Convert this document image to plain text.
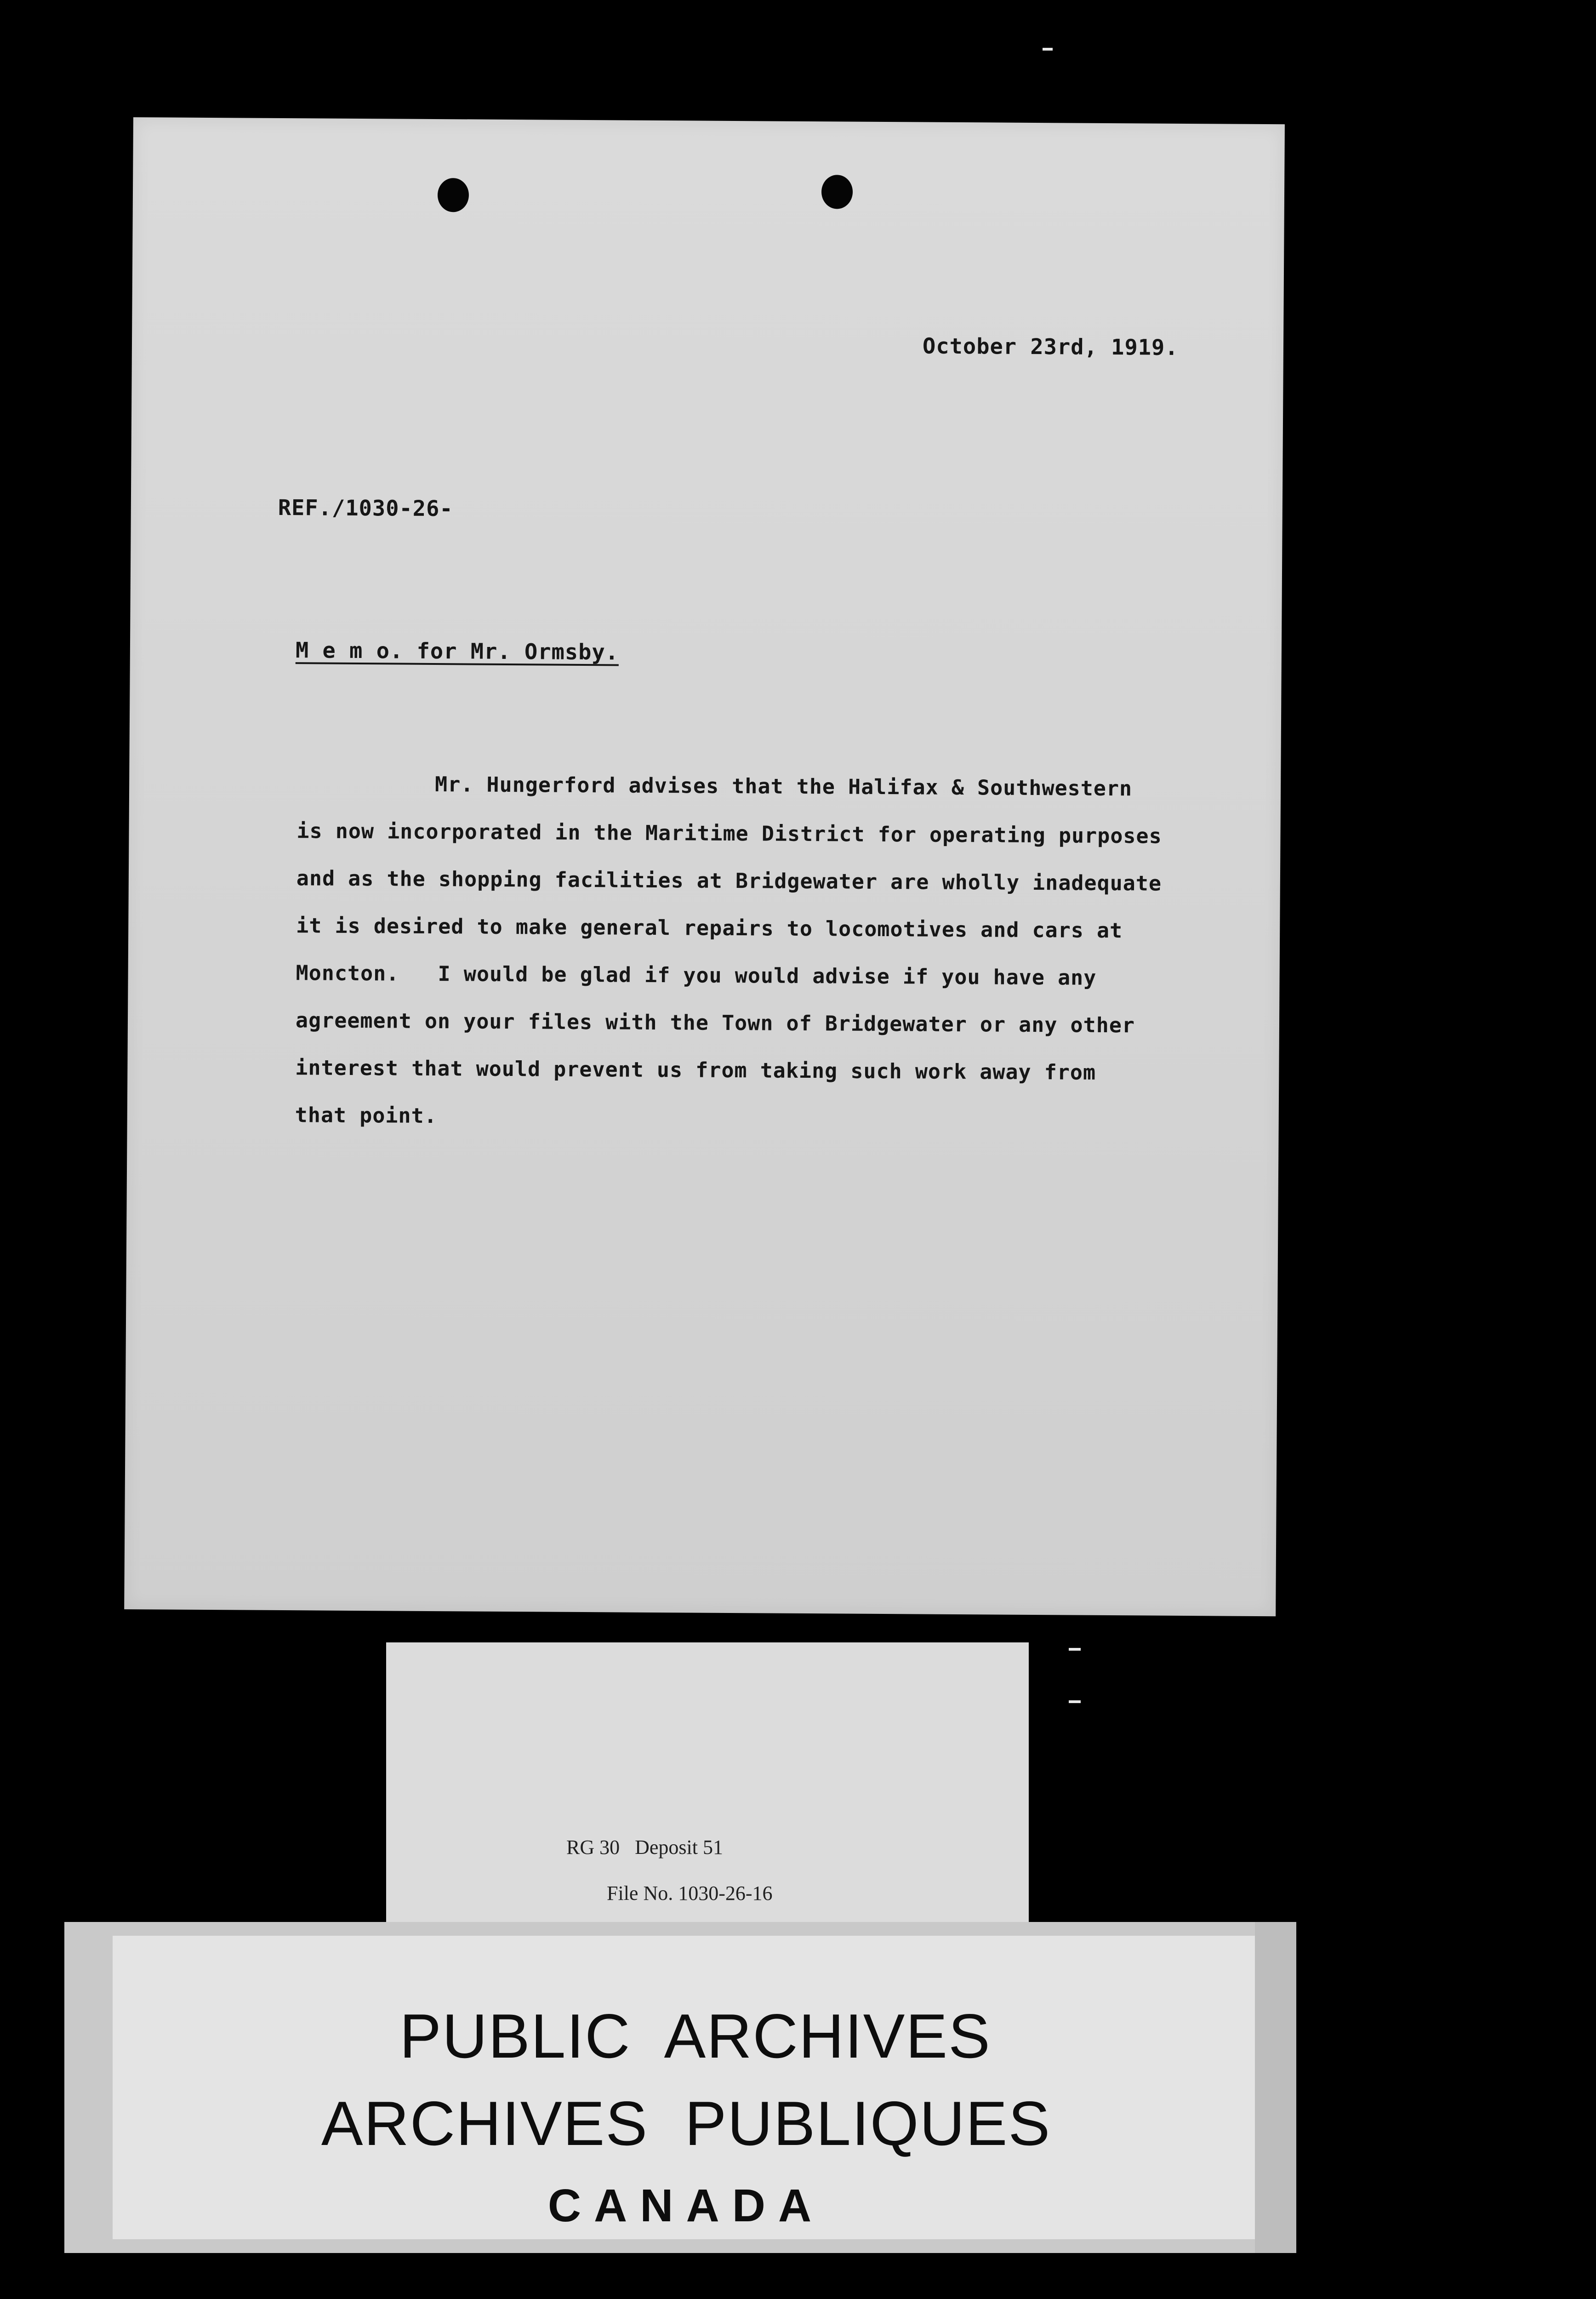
October 23rd, 1919.
REF./1030-26-
M e m o. for Mr. Ormsby.
Mr. Hungerford advises that the Halifax & Southwestern
is now incorporated in the Maritime District for operating purposes
and as the shopping facilities at Bridgewater are wholly inadequate
it is desired to make general repairs to locomotives and cars at
Moncton.   I would be glad if you would advise if you have any
agreement on your files with the Town of Bridgewater or any other
interest that would prevent us from taking such work away from
that point.
RG 30 Deposit 51
File No. 1030-26-16
PUBLIC  ARCHIVES
ARCHIVES  PUBLIQUES
CANADA
